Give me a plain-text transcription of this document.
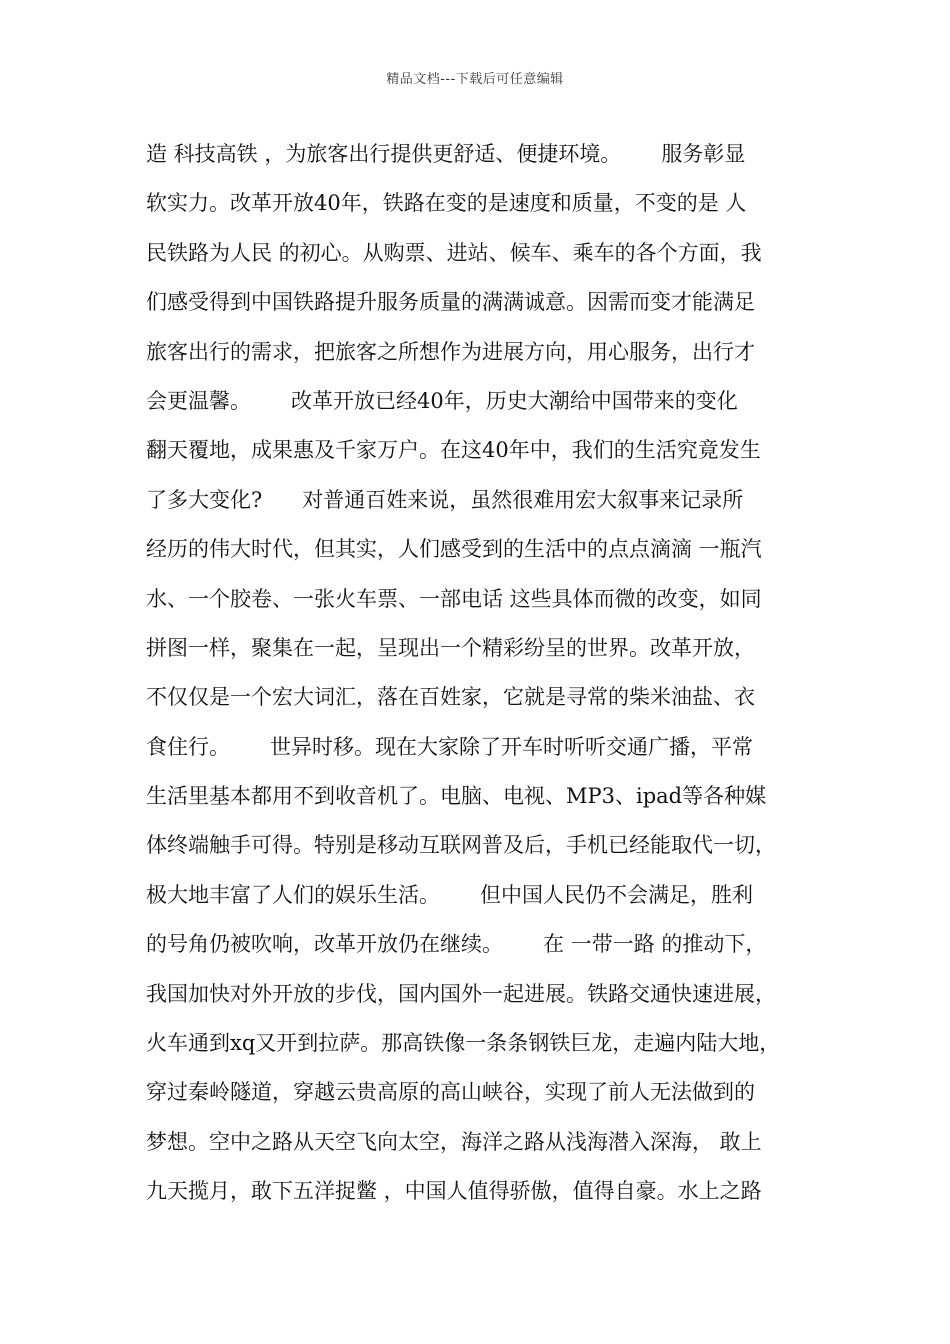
精品文档---下载后可任意编辑
造 科技高铁 ，为旅客出行提供更舒适、便捷环境。      服务彰显
软实力。改革开放40年，铁路在变的是速度和质量，不变的是 人
民铁路为人民 的初心。从购票、进站、候车、乘车的各个方面，我
们感受得到中国铁路提升服务质量的满满诚意。因需而变才能满足
旅客出行的需求，把旅客之所想作为进展方向，用心服务，出行才
会更温馨。      改革开放已经40年，历史大潮给中国带来的变化
翻天覆地，成果惠及千家万户。在这40年中，我们的生活究竟发生
了多大变化?      对普通百姓来说，虽然很难用宏大叙事来记录所
经历的伟大时代，但其实，人们感受到的生活中的点点滴滴 一瓶汽
水、一个胶卷、一张火车票、一部电话 这些具体而微的改变，如同
拼图一样，聚集在一起，呈现出一个精彩纷呈的世界。改革开放，
不仅仅是一个宏大词汇，落在百姓家，它就是寻常的柴米油盐、衣
食住行。      世异时移。现在大家除了开车时听听交通广播，平常
生活里基本都用不到收音机了。电脑、电视、MP3、ipad等各种媒
体终端触手可得。特别是移动互联网普及后，手机已经能取代一切，
极大地丰富了人们的娱乐生活。      但中国人民仍不会满足，胜利
的号角仍被吹响，改革开放仍在继续。      在 一带一路 的推动下，
我国加快对外开放的步伐，国内国外一起进展。铁路交通快速进展，
火车通到xq又开到拉萨。那高铁像一条条钢铁巨龙，走遍内陆大地，
穿过秦岭隧道，穿越云贵高原的高山峡谷，实现了前人无法做到的
梦想。空中之路从天空飞向太空，海洋之路从浅海潜入深海， 敢上
九天揽月，敢下五洋捉鳖 ，中国人值得骄傲，值得自豪。水上之路
